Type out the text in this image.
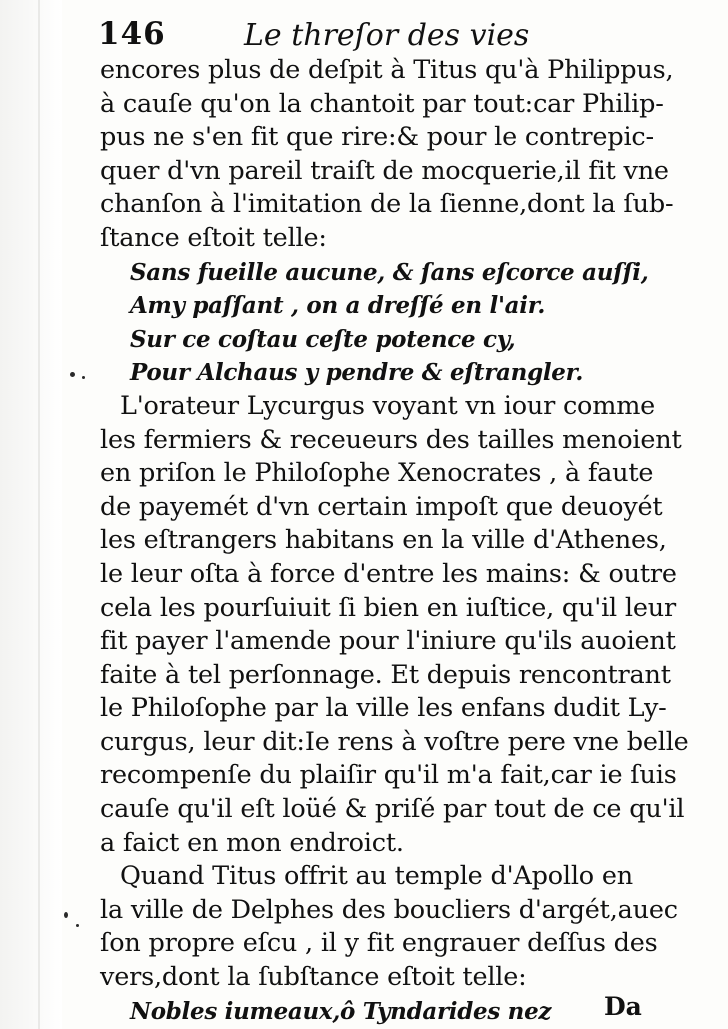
146	Le threſor des vies
encores plus de deſpit à Titus qu'à Philippus,
à cauſe qu'on la chantoit par tout:car Philip-
pus ne s'en fit que rire:& pour le contrepic-
quer d'vn pareil traiſt de mocquerie,il fit vne
chanſon à l'imitation de la ſienne,dont la ſub-
ſtance eſtoit telle:
Sans fueille aucune, & ſans eſcorce auſſi,
Amy paſſant , on a dreſſé en l'air.
Sur ce coſtau ceſte potence cy,
Pour Alchaus y pendre & eſtrangler.
L'orateur Lycurgus voyant vn iour comme
les fermiers & receueurs des tailles menoient
en priſon le Philoſophe Xenocrates , à faute
de payemét d'vn certain impoſt que deuoyét
les eſtrangers habitans en la ville d'Athenes,
le leur oſta à force d'entre les mains: & outre
cela les pourſuiuit ſi bien en iuſtice, qu'il leur
fit payer l'amende pour l'iniure qu'ils auoient
faite à tel perſonnage. Et depuis rencontrant
le Philoſophe par la ville les enfans dudit Ly-
curgus, leur dit:Ie rens à voſtre pere vne belle
recompenſe du plaiſir qu'il m'a fait,car ie ſuis
cauſe qu'il eſt loüé & priſé par tout de ce qu'il
a faict en mon endroict.
Quand Titus offrit au temple d'Apollo en
la ville de Delphes des boucliers d'argét,auec
ſon propre eſcu , il y fit engrauer deſſus des
vers,dont la ſubſtance eſtoit telle:
Nobles iumeaux,ô Tyndarides nez	Da
